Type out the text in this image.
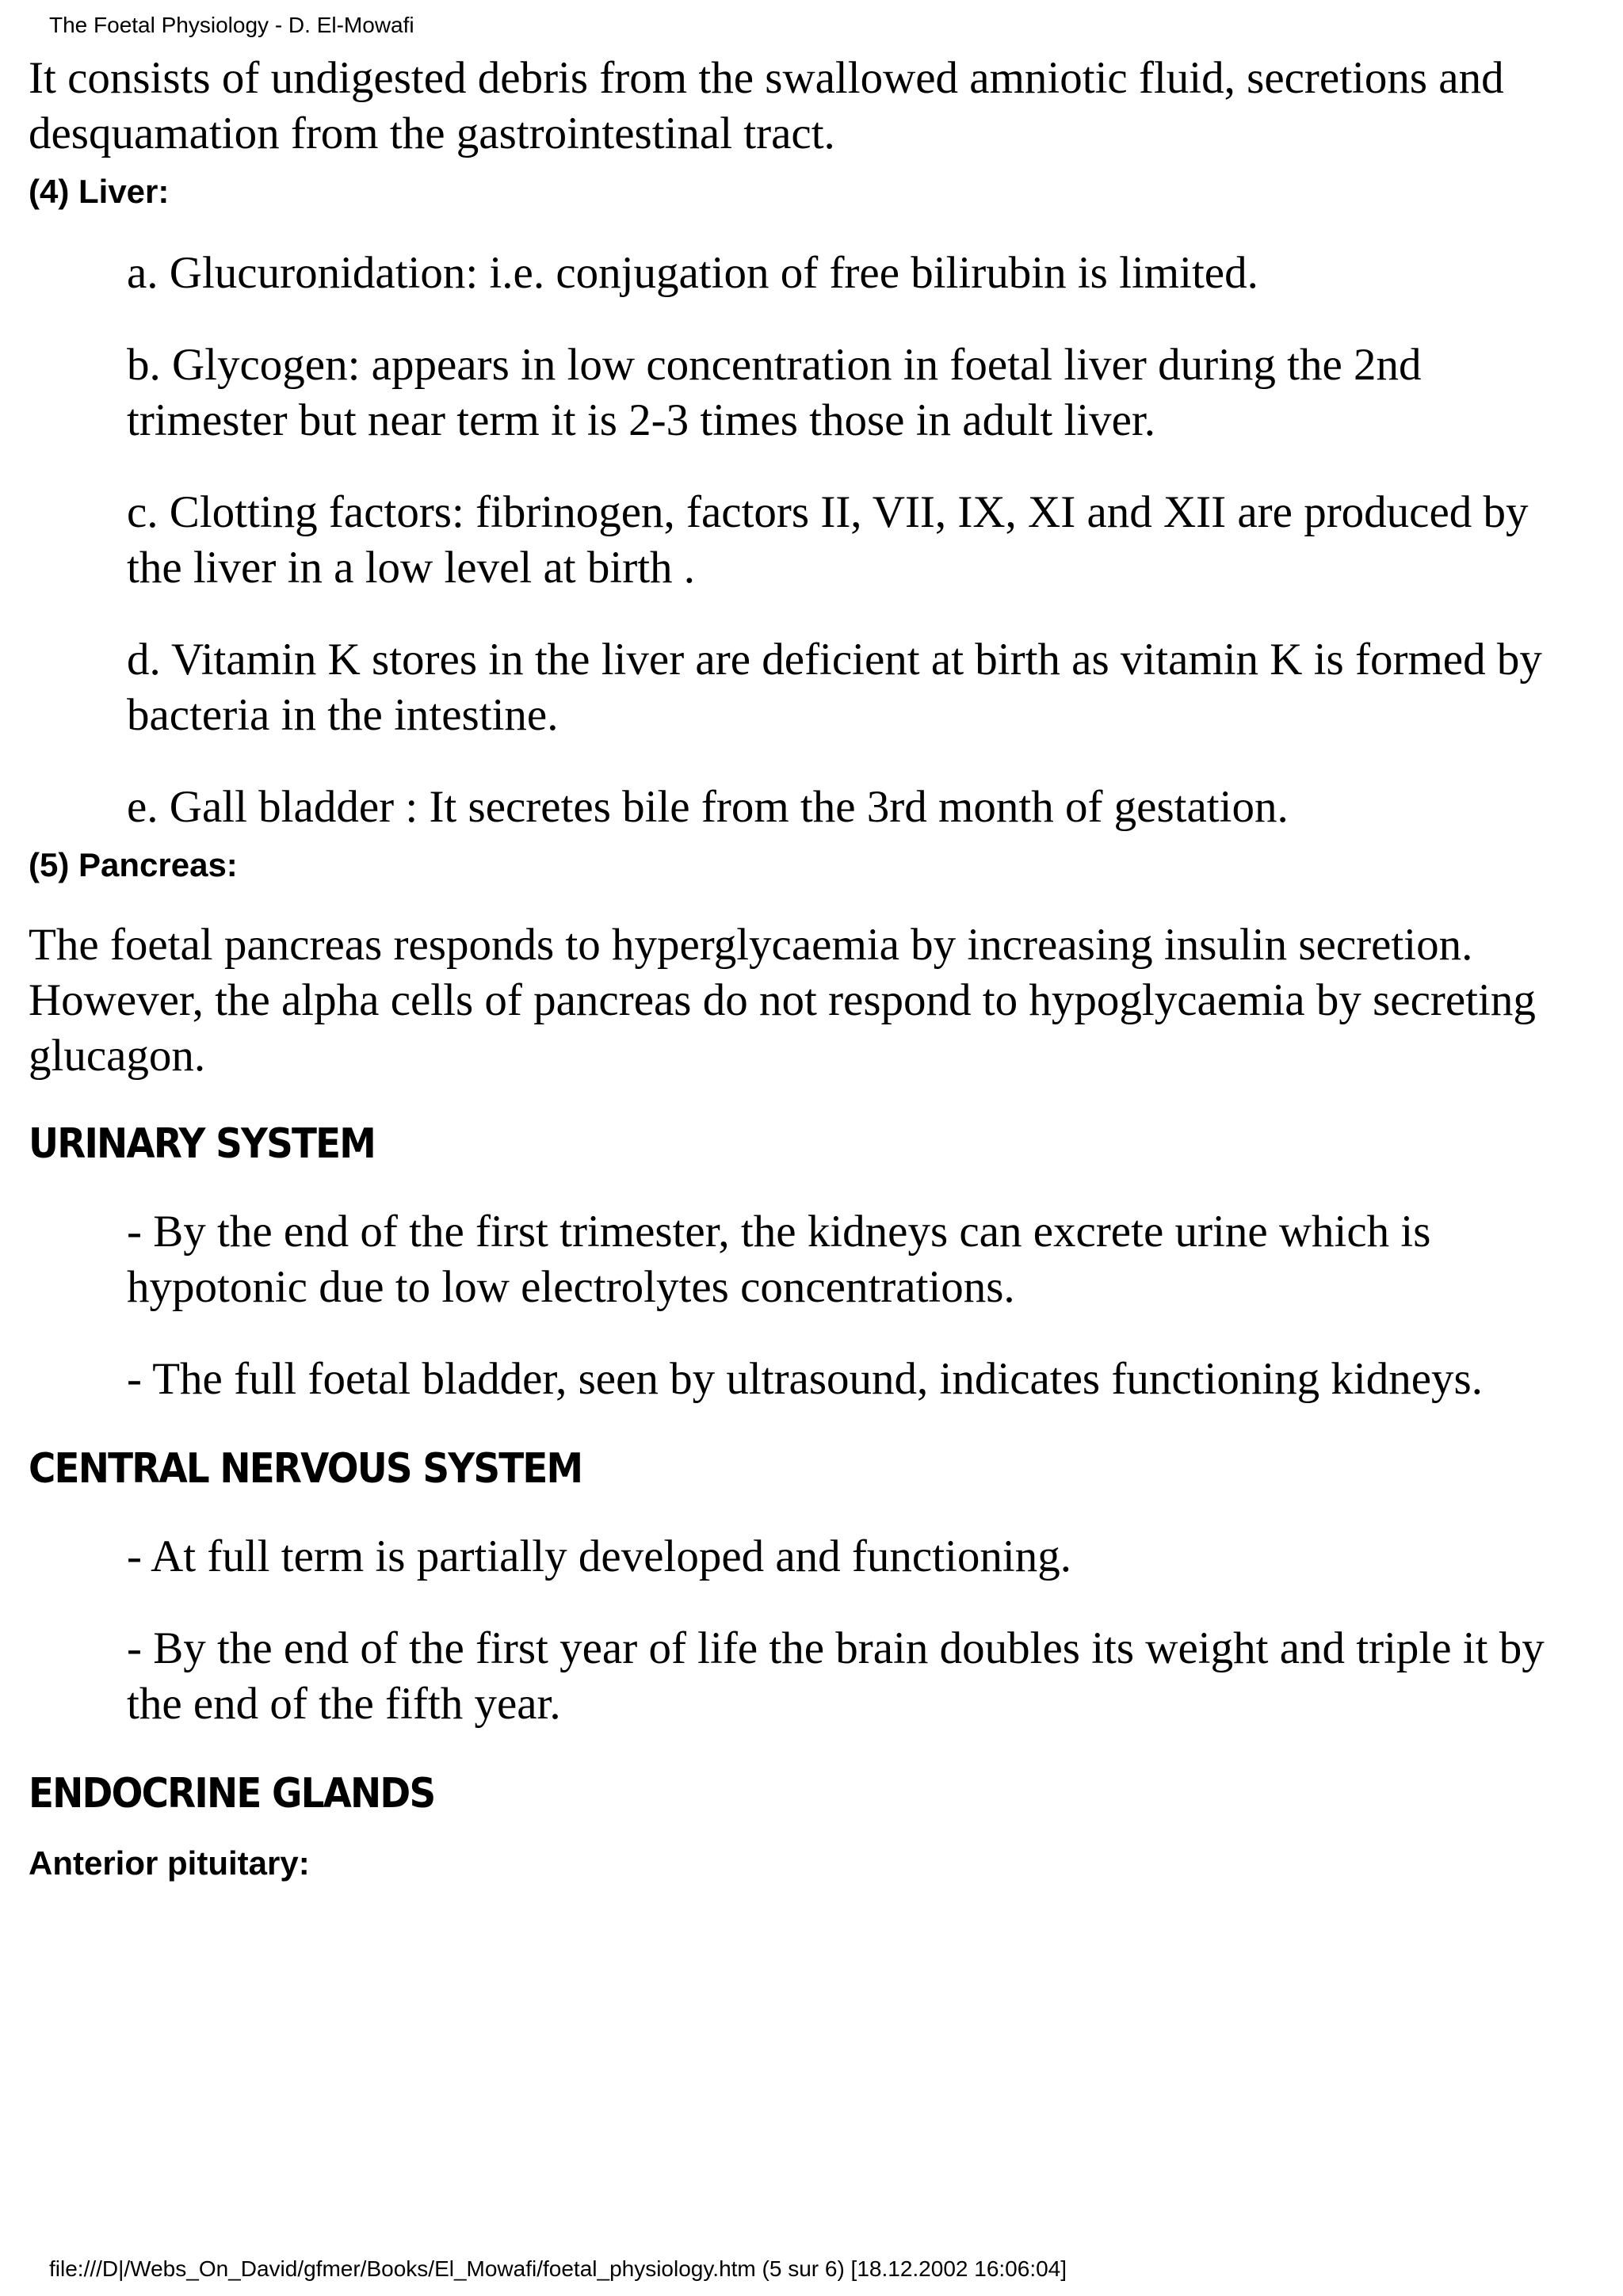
The Foetal Physiology - D. El-Mowafi

It consists of undigested debris from the swallowed amniotic fluid, secretions and desquamation from the gastrointestinal tract.

(4) Liver:

a. Glucuronidation: i.e. conjugation of free bilirubin is limited.

b. Glycogen: appears in low concentration in foetal liver during the 2nd trimester but near term it is 2-3 times those in adult liver.

c. Clotting factors: fibrinogen, factors II, VII, IX, XI and XII are produced by the liver in a low level at birth .

d. Vitamin K stores in the liver are deficient at birth as vitamin K is formed by bacteria in the intestine.

e. Gall bladder : It secretes bile from the 3rd month of gestation.

(5) Pancreas:

The foetal pancreas responds to hyperglycaemia by increasing insulin secretion. However, the alpha cells of pancreas do not respond to hypoglycaemia by secreting glucagon.

URINARY SYSTEM

- By the end of the first trimester, the kidneys can excrete urine which is hypotonic due to low electrolytes concentrations.

- The full foetal bladder, seen by ultrasound, indicates functioning kidneys.

CENTRAL NERVOUS SYSTEM

- At full term is partially developed and functioning.

- By the end of the first year of life the brain doubles its weight and triple it by the end of the fifth year.

ENDOCRINE GLANDS

Anterior pituitary:

file:///D|/Webs_On_David/gfmer/Books/El_Mowafi/foetal_physiology.htm (5 sur 6) [18.12.2002 16:06:04]
